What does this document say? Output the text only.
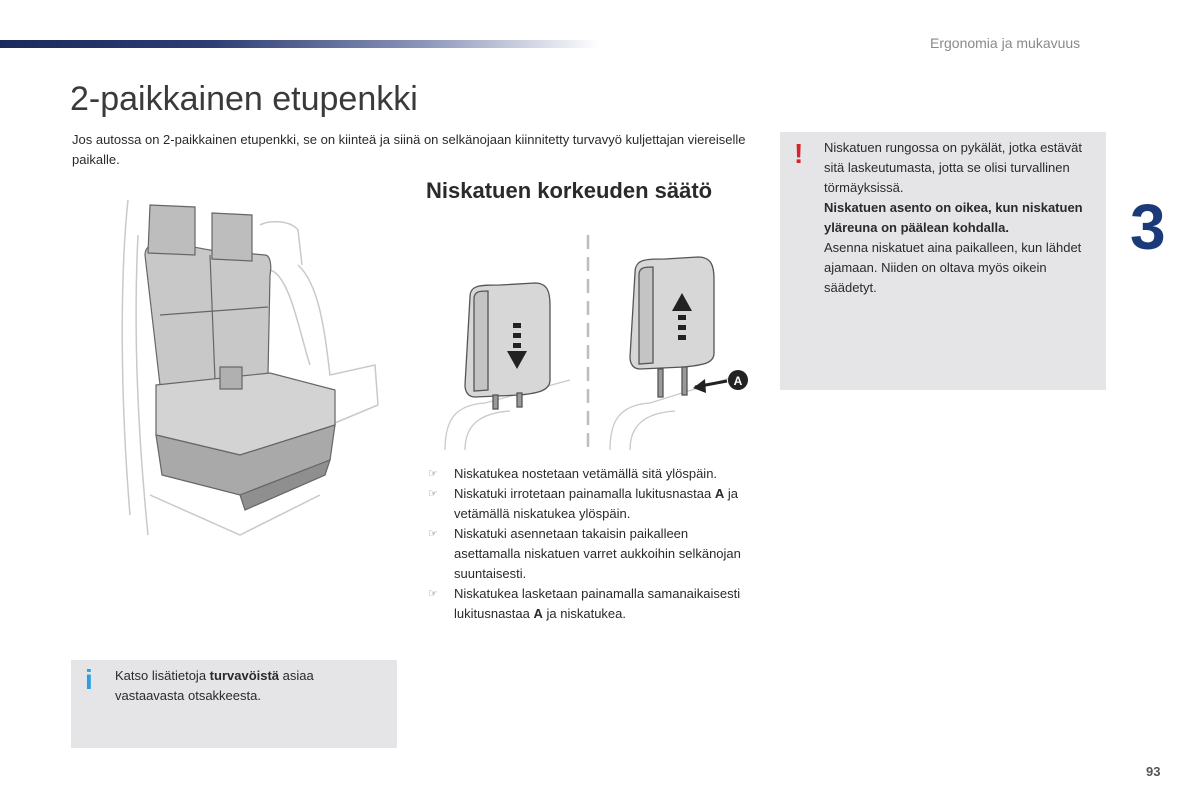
Ergonomia ja mukavuus
3
2-paikkainen etupenkki

Jos autossa on 2-paikkainen etupenkki, se on kiinteä ja siinä on selkänojaan kiinnitetty turvavyö kuljettajan viereiselle paikalle.

Niskatuen korkeuden säätö
A
☞ Niskatukea nostetaan vetämällä sitä ylöspäin.
☞ Niskatuki irrotetaan painamalla lukitusnastaa A ja vetämällä niskatukea ylöspäin.
☞ Niskatuki asennetaan takaisin paikalleen asettamalla niskatuen varret aukkoihin selkänojan suuntaisesti.
☞ Niskatukea lasketaan painamalla samanaikaisesti lukitusnastaa A ja niskatukea.
! Niskatuen rungossa on pykälät, jotka estävät sitä laskeutumasta, jotta se olisi turvallinen törmäyksissä.
Niskatuen asento on oikea, kun niskatuen yläreuna on päälean kohdalla.
Asenna niskatuet aina paikalleen, kun lähdet ajamaan. Niiden on oltava myös oikein säädetyt.

i Katso lisätietoja turvavöistä asiaa vastaavasta otsakkeesta.

93
